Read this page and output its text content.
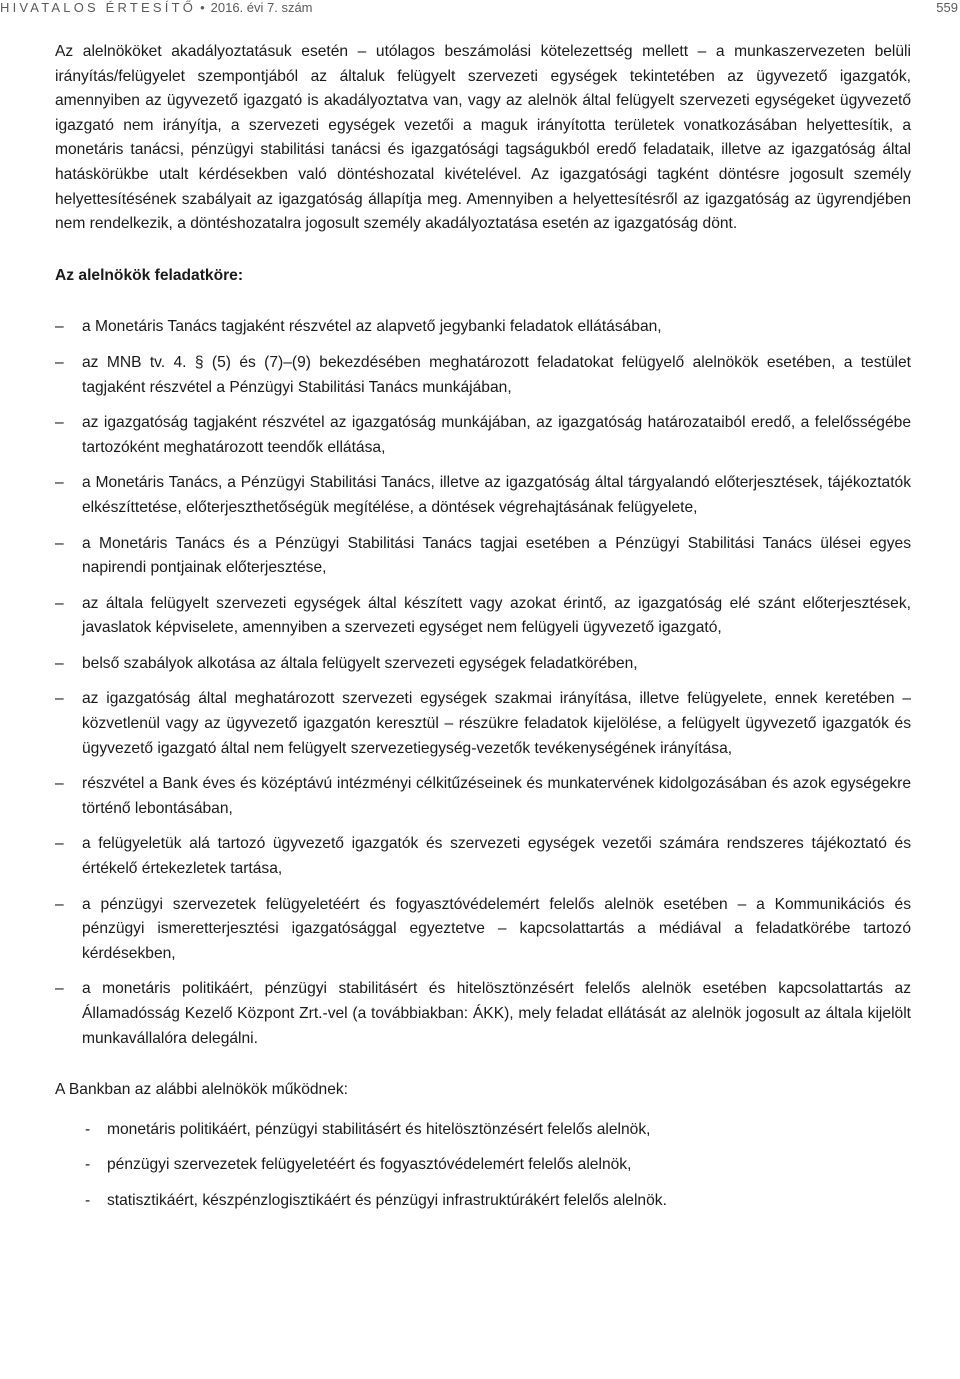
HIVATALOS ÉRTESÍTŐ • 2016. évi 7. szám	559

Az alelnököket akadályoztatásuk esetén – utólagos beszámolási kötelezettség mellett – a munkaszervezeten belüli irányítás/felügyelet szempontjából az általuk felügyelt szervezeti egységek tekintetében az ügyvezető igazgatók, amennyiben az ügyvezető igazgató is akadályoztatva van, vagy az alelnök által felügyelt szervezeti egységeket ügyvezető igazgató nem irányítja, a szervezeti egységek vezetői a maguk irányította területek vonatkozásában helyettesítik, a monetáris tanácsi, pénzügyi stabilitási tanácsi és igazgatósági tagságukból eredő feladataik, illetve az igazgatóság által hatáskörükbe utalt kérdésekben való döntéshozatal kivételével. Az igazgatósági tagként döntésre jogosult személy helyettesítésének szabályait az igazgatóság állapítja meg. Amennyiben a helyettesítésről az igazgatóság az ügyrendjében nem rendelkezik, a döntéshozatalra jogosult személy akadályoztatása esetén az igazgatóság dönt.

Az alelnökök feladatköre:

– a Monetáris Tanács tagjaként részvétel az alapvető jegybanki feladatok ellátásában,
– az MNB tv. 4. § (5) és (7)–(9) bekezdésében meghatározott feladatokat felügyelő alelnökök esetében, a testület tagjaként részvétel a Pénzügyi Stabilitási Tanács munkájában,
– az igazgatóság tagjaként részvétel az igazgatóság munkájában, az igazgatóság határozataiból eredő, a felelősségébe tartozóként meghatározott teendők ellátása,
– a Monetáris Tanács, a Pénzügyi Stabilitási Tanács, illetve az igazgatóság által tárgyalandó előterjesztések, tájékoztatók elkészíttetése, előterjeszthetőségük megítélése, a döntések végrehajtásának felügyelete,
– a Monetáris Tanács és a Pénzügyi Stabilitási Tanács tagjai esetében a Pénzügyi Stabilitási Tanács ülései egyes napirendi pontjainak előterjesztése,
– az általa felügyelt szervezeti egységek által készített vagy azokat érintő, az igazgatóság elé szánt előterjesztések, javaslatok képviselete, amennyiben a szervezeti egységet nem felügyeli ügyvezető igazgató,
– belső szabályok alkotása az általa felügyelt szervezeti egységek feladatkörében,
– az igazgatóság által meghatározott szervezeti egységek szakmai irányítása, illetve felügyelete, ennek keretében – közvetlenül vagy az ügyvezető igazgatón keresztül – részükre feladatok kijelölése, a felügyelt ügyvezető igazgatók és ügyvezető igazgató által nem felügyelt szervezetiegység-vezetők tevékenységének irányítása,
– részvétel a Bank éves és középtávú intézményi célkitűzéseinek és munkatervének kidolgozásában és azok egységekre történő lebontásában,
– a felügyeletük alá tartozó ügyvezető igazgatók és szervezeti egységek vezetői számára rendszeres tájékoztató és értékelő értekezletek tartása,
– a pénzügyi szervezetek felügyeletéért és fogyasztóvédelemért felelős alelnök esetében – a Kommunikációs és pénzügyi ismeretterjesztési igazgatósággal egyeztetve – kapcsolattartás a médiával a feladatkörébe tartozó kérdésekben,
– a monetáris politikáért, pénzügyi stabilitásért és hitelösztönzésért felelős alelnök esetében kapcsolattartás az Államadósság Kezelő Központ Zrt.-vel (a továbbiakban: ÁKK), mely feladat ellátását az alelnök jogosult az általa kijelölt munkavállalóra delegálni.

A Bankban az alábbi alelnökök működnek:

- monetáris politikáért, pénzügyi stabilitásért és hitelösztönzésért felelős alelnök,
- pénzügyi szervezetek felügyeletéért és fogyasztóvédelemért felelős alelnök,
- statisztikáért, készpénzlogisztikáért és pénzügyi infrastruktúrákért felelős alelnök.
